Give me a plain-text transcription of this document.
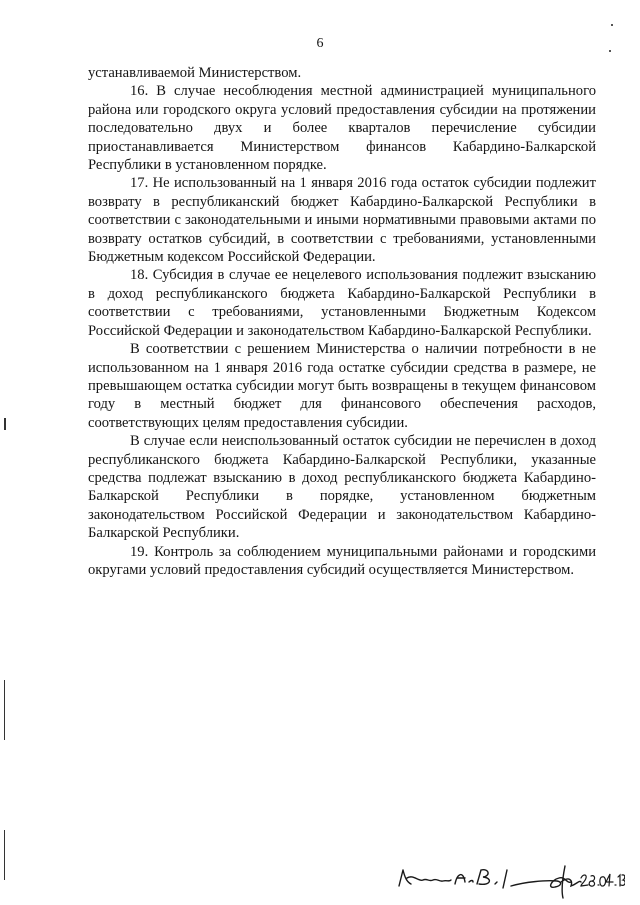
6

устанавливаемой Министерством.

16. В случае несоблюдения местной администрацией муниципального района или городского округа условий предоставления субсидии на протяжении последовательно двух и более кварталов перечисление субсидии приостанавливается Министерством финансов Кабардино-Балкарской Республики в установленном порядке.

17. Не использованный на 1 января 2016 года остаток субсидии подлежит возврату в республиканский бюджет Кабардино-Балкарской Республики в соответствии с законодательными и иными нормативными правовыми актами по возврату остатков субсидий, в соответствии с требованиями, установленными Бюджетным кодексом Российской Федерации.

18. Субсидия в случае ее нецелевого использования подлежит взысканию в доход республиканского бюджета Кабардино-Балкарской Республики в соответствии с требованиями, установленными Бюджетным Кодексом Российской Федерации и законодательством Кабардино-Балкарской Республики.

В соответствии с решением Министерства о наличии потребности в не использованном на 1 января 2016 года остатке субсидии средства в размере, не превышающем остатка субсидии могут быть возвращены в текущем финансовом году в местный бюджет для финансового обеспечения расходов, соответствующих целям предоставления субсидии.

В случае если неиспользованный остаток субсидии не перечислен в доход республиканского бюджета Кабардино-Балкарской Республики, указанные средства подлежат взысканию в доход республиканского бюджета Кабардино-Балкарской Республики в порядке, установленном бюджетным законодательством Российской Федерации и законодательством Кабардино-Балкарской Республики.

19. Контроль за соблюдением муниципальными районами и городскими округами условий предоставления субсидий осуществляется Министерством.
